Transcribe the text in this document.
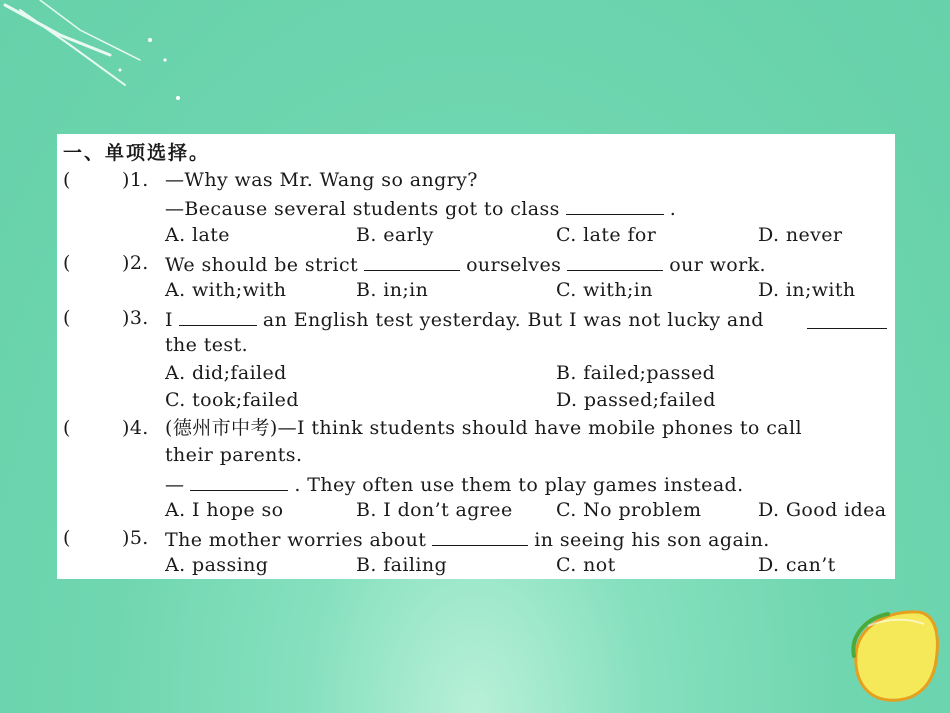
一、单项选择。
(	)1. —Why was Mr. Wang so angry?
—Because several students got to class	.
A. late	B. early	C. late for	D. never
(	)2. We should be strict	ourselves	our work.
A. with;with	B. in;in	C. with;in	D. in;with
(	)3. I	an English test yesterday. But I was not lucky and
the test.
A. did;failed	B. failed;passed
C. took;failed	D. passed;failed
(	)4. (德州市中考)—I think students should have mobile phones to call
their parents.
—	. They often use them to play games instead.
A. I hope so	B. I don’t agree C. No problem	D. Good idea
(	)5. The mother worries about	in seeing his son again.
A. passing	B. failing	C. not	D. can’t
